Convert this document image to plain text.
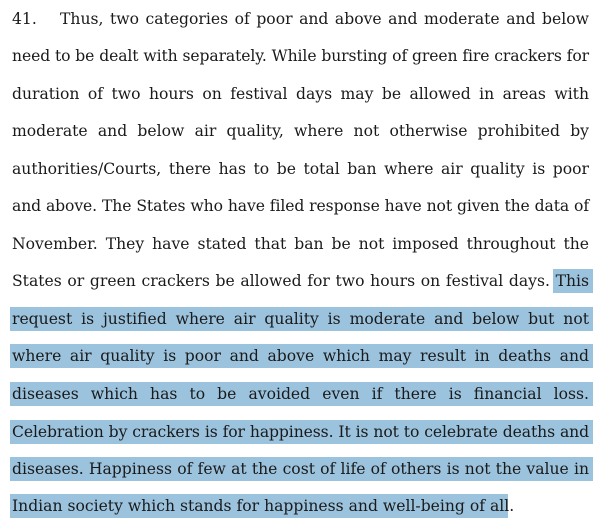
41. Thus, two categories of poor and above and moderate and below
need to be dealt with separately. While bursting of green fire crackers for
duration of two hours on festival days may be allowed in areas with
moderate and below air quality, where not otherwise prohibited by
authorities/Courts, there has to be total ban where air quality is poor
and above. The States who have filed response have not given the data of
November. They have stated that ban be not imposed throughout the
States or green crackers be allowed for two hours on festival days. This
request is justified where air quality is moderate and below but not
where air quality is poor and above which may result in deaths and
diseases which has to be avoided even if there is financial loss.
Celebration by crackers is for happiness. It is not to celebrate deaths and
diseases. Happiness of few at the cost of life of others is not the value in
Indian society which stands for happiness and well-being of all.
